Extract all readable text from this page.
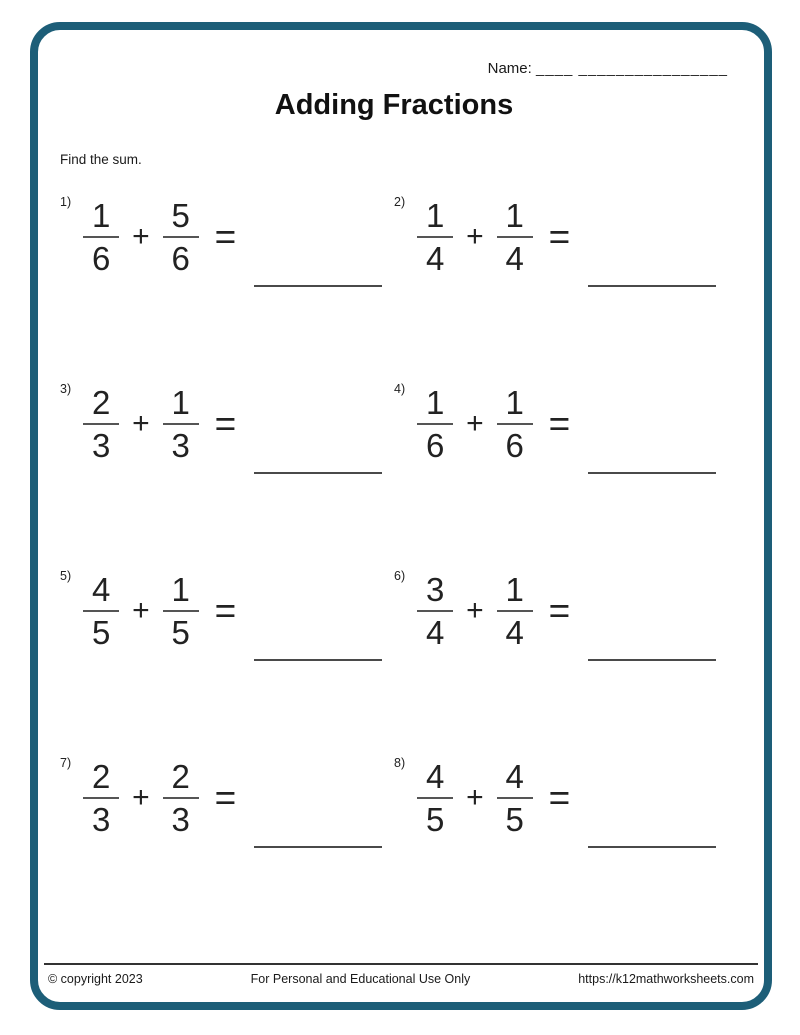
Name: ____ ________________
Adding Fractions
Find the sum.
$1) \frac{1}{6} + \frac{5}{6}$ =
$2) \frac{1}{4} + \frac{1}{4}$ =
$3) \frac{2}{3} + \frac{1}{3}$ =
$4) \frac{1}{6} + \frac{1}{6}$ =
$5) \frac{4}{5} + \frac{1}{5}$ =
$6) \frac{3}{4} + \frac{1}{4}$ =
$7) \frac{2}{3} + \frac{2}{3}$ =
$8) \frac{4}{5} + \frac{4}{5}$ =
© copyright 2023	For Personal and Educational Use Only	https://k12mathworksheets.com
